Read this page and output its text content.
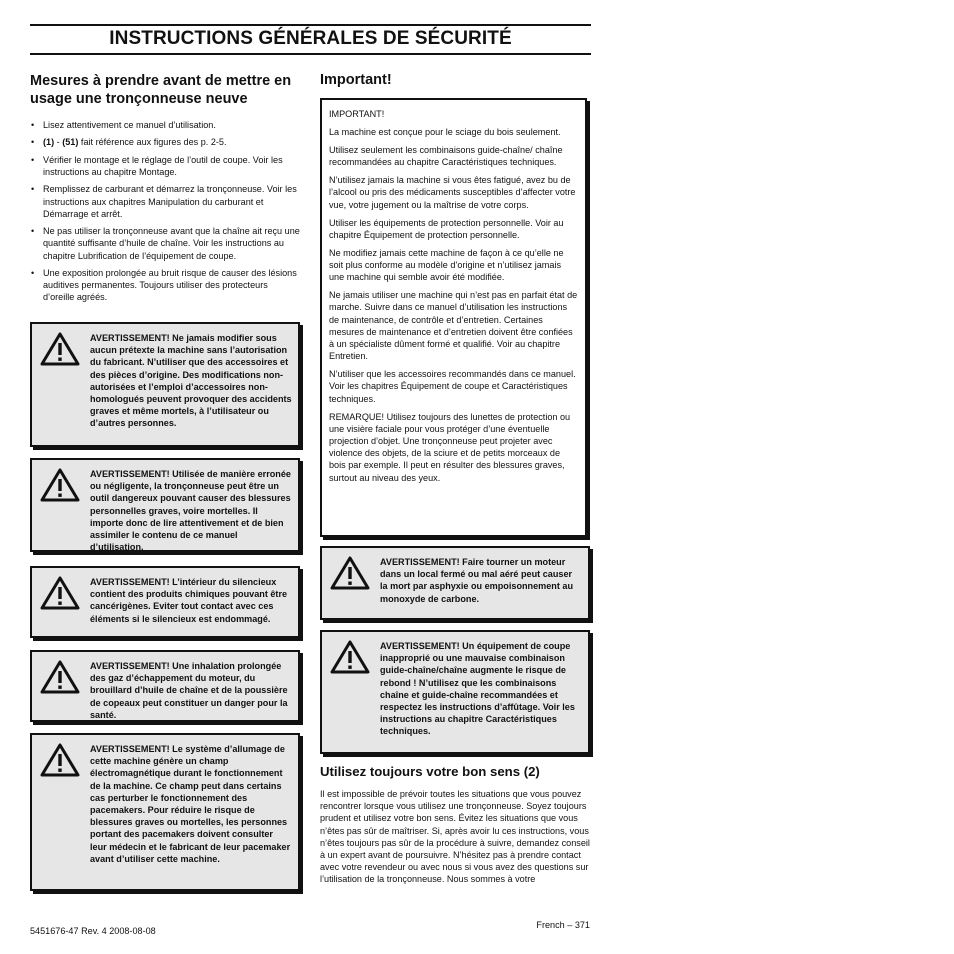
INSTRUCTIONS GÉNÉRALES DE SÉCURITÉ
Mesures à prendre avant de mettre en usage une tronçonneuse neuve
• Lisez attentivement ce manuel d’utilisation.
• (1) - (51) fait référence aux figures des p. 2-5.
• Vérifier le montage et le réglage de l’outil de coupe. Voir les instructions au chapitre Montage.
• Remplissez de carburant et démarrez la tronçonneuse. Voir les instructions aux chapitres Manipulation du carburant et Démarrage et arrêt.
• Ne pas utiliser la tronçonneuse avant que la chaîne ait reçu une quantité suffisante d’huile de chaîne. Voir les instructions au chapitre Lubrification de l’équipement de coupe.
• Une exposition prolongée au bruit risque de causer des lésions auditives permanentes. Toujours utiliser des protecteurs d’oreille agréés.
AVERTISSEMENT! Ne jamais modifier sous aucun prétexte la machine sans l’autorisation du fabricant. N’utiliser que des accessoires et des pièces d’origine. Des modifications non-autorisées et l’emploi d’accessoires non-homologués peuvent provoquer des accidents graves et même mortels, à l’utilisateur ou d’autres personnes.
AVERTISSEMENT! Utilisée de manière erronée ou négligente, la tronçonneuse peut être un outil dangereux pouvant causer des blessures personnelles graves, voire mortelles. Il importe donc de lire attentivement et de bien assimiler le contenu de ce manuel d’utilisation.
AVERTISSEMENT! L’intérieur du silencieux contient des produits chimiques pouvant être cancérigènes. Eviter tout contact avec ces éléments si le silencieux est endommagé.
AVERTISSEMENT! Une inhalation prolongée des gaz d’échappement du moteur, du brouillard d’huile de chaîne et de la poussière de copeaux peut constituer un danger pour la santé.
AVERTISSEMENT! Le système d’allumage de cette machine génère un champ électromagnétique durant le fonctionnement de la machine. Ce champ peut dans certains cas perturber le fonctionnement des pacemakers. Pour réduire le risque de blessures graves ou mortelles, les personnes portant des pacemakers doivent consulter leur médecin et le fabricant de leur pacemaker avant d’utiliser cette machine.
Important!

IMPORTANT!

La machine est conçue pour le sciage du bois seulement.

Utilisez seulement les combinaisons guide-chaîne/ chaîne recommandées au chapitre Caractéristiques techniques.

N’utilisez jamais la machine si vous êtes fatigué, avez bu de l’alcool ou pris des médicaments susceptibles d’affecter votre vue, votre jugement ou la maîtrise de votre corps.

Utiliser les équipements de protection personnelle. Voir au chapitre Équipement de protection personnelle.

Ne modifiez jamais cette machine de façon à ce qu’elle ne soit plus conforme au modèle d’origine et n’utilisez jamais une machine qui semble avoir été modifiée.

Ne jamais utiliser une machine qui n’est pas en parfait état de marche. Suivre dans ce manuel d’utilisation les instructions de maintenance, de contrôle et d’entretien. Certaines mesures de maintenance et d’entretien doivent être confiées à un spécialiste dûment formé et qualifié. Voir au chapitre Entretien.

N’utiliser que les accessoires recommandés dans ce manuel. Voir les chapitres Équipement de coupe et Caractéristiques techniques.

REMARQUE! Utilisez toujours des lunettes de protection ou une visière faciale pour vous protéger d’une éventuelle projection d’objet. Une tronçonneuse peut projeter avec violence des objets, de la sciure et de petits morceaux de bois par exemple. Il peut en résulter des blessures graves, surtout au niveau des yeux.

AVERTISSEMENT! Faire tourner un moteur dans un local fermé ou mal aéré peut causer la mort par asphyxie ou empoisonnement au monoxyde de carbone.
AVERTISSEMENT! Un équipement de coupe inapproprié ou une mauvaise combinaison guide-chaîne/chaîne augmente le risque de rebond ! N’utilisez que les combinaisons chaîne et guide-chaîne recommandées et respectez les instructions d’affûtage. Voir les instructions au chapitre Caractéristiques techniques.
Utilisez toujours votre bon sens (2)

Il est impossible de prévoir toutes les situations que vous pouvez rencontrer lorsque vous utilisez une tronçonneuse. Soyez toujours prudent et utilisez votre bon sens. Évitez les situations que vous n’êtes pas sûr de maîtriser. Si, après avoir lu ces instructions, vous n’êtes toujours pas sûr de la procédure à suivre, demandez conseil à un expert avant de poursuivre. N’hésitez pas à prendre contact avec votre revendeur ou avec nous si vous avez des questions sur l’utilisation de la tronçonneuse. Nous sommes à votre

5451676-47 Rev. 4 2008-08-08
French – 371
